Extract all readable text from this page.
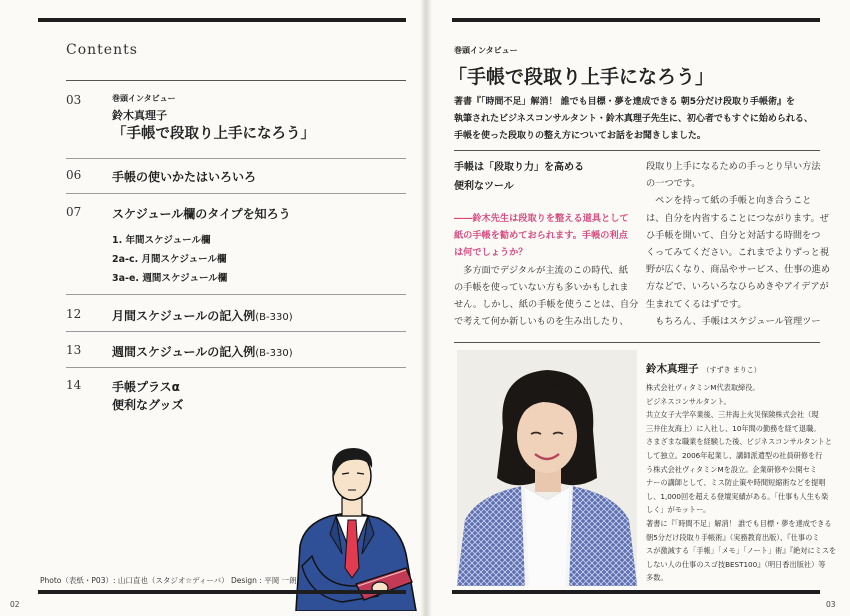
Contents
03	巻頭インタビュー
鈴木真理子
「手帳で段取り上手になろう」
06	手帳の使いかたはいろいろ
07	スケジュール欄のタイプを知ろう
1. 年間スケジュール欄
2a-c. 月間スケジュール欄
3a-e. 週間スケジュール欄
12	月間スケジュールの記入例(B-330)
13	週間スケジュールの記入例(B-330)
14	手帳プラスα
便利なグッズ
Photo（表紙・P03）: 山口直也（スタジオ☆ディーバ） Design : 平岡 一朗
02
巻頭インタビュー
「手帳で段取り上手になろう」
著書『「時間不足」解消！ 誰でも目標・夢を達成できる 朝5分だけ段取り手帳術』を
執筆されたビジネスコンサルタント・鈴木真理子先生に、初心者でもすぐに始められる、
手帳を使った段取りの整え方についてお話をお聞きしました。
手帳は「段取り力」を高める
便利なツール
――鈴木先生は段取りを整える道具として
紙の手帳を勧めておられます。手帳の利点
は何でしょうか？
　多方面でデジタルが主流のこの時代、紙
の手帳を使っていない方も多いかもしれま
せん。しかし、紙の手帳を使うことは、自分
で考えて何か新しいものを生み出したり、
段取り上手になるための手っとり早い方法
の一つです。
　ペンを持って紙の手帳と向き合うこと
は、自分を内省することにつながります。ぜ
ひ手帳を開いて、自分と対話する時間をつ
くってみてください。これまでよりずっと視
野が広くなり、商品やサービス、仕事の進め
方などで、いろいろなひらめきやアイデアが
生まれてくるはずです。
　もちろん、手帳はスケジュール管理ツー
鈴木真理子 （すずき まりこ）
株式会社ヴィタミンM代表取締役。
ビジネスコンサルタント。
共立女子大学卒業後、三井海上火災保険株式会社（現
三井住友海上）に入社し、10年間の勤務を経て退職。
さまざまな職業を経験した後、ビジネスコンサルタントと
して独立。2006年起業し、講師派遣型の社員研修を行
う株式会社ヴィタミンMを設立。企業研修や公開セミ
ナーの講師として、ミス防止策や時間短縮術などを提唱
し、1,000回を超える登壇実績がある。「仕事も人生も楽
しく」がモットー。
著書に『「時間不足」解消！ 誰でも目標・夢を達成できる
朝5分だけ段取り手帳術』（実務教育出版）、『仕事のミ
スが激減する「手帳」「メモ」「ノート」術』『絶対にミスを
しない人の仕事のスゴ技BEST100』（明日香出版社）等
多数。
03
